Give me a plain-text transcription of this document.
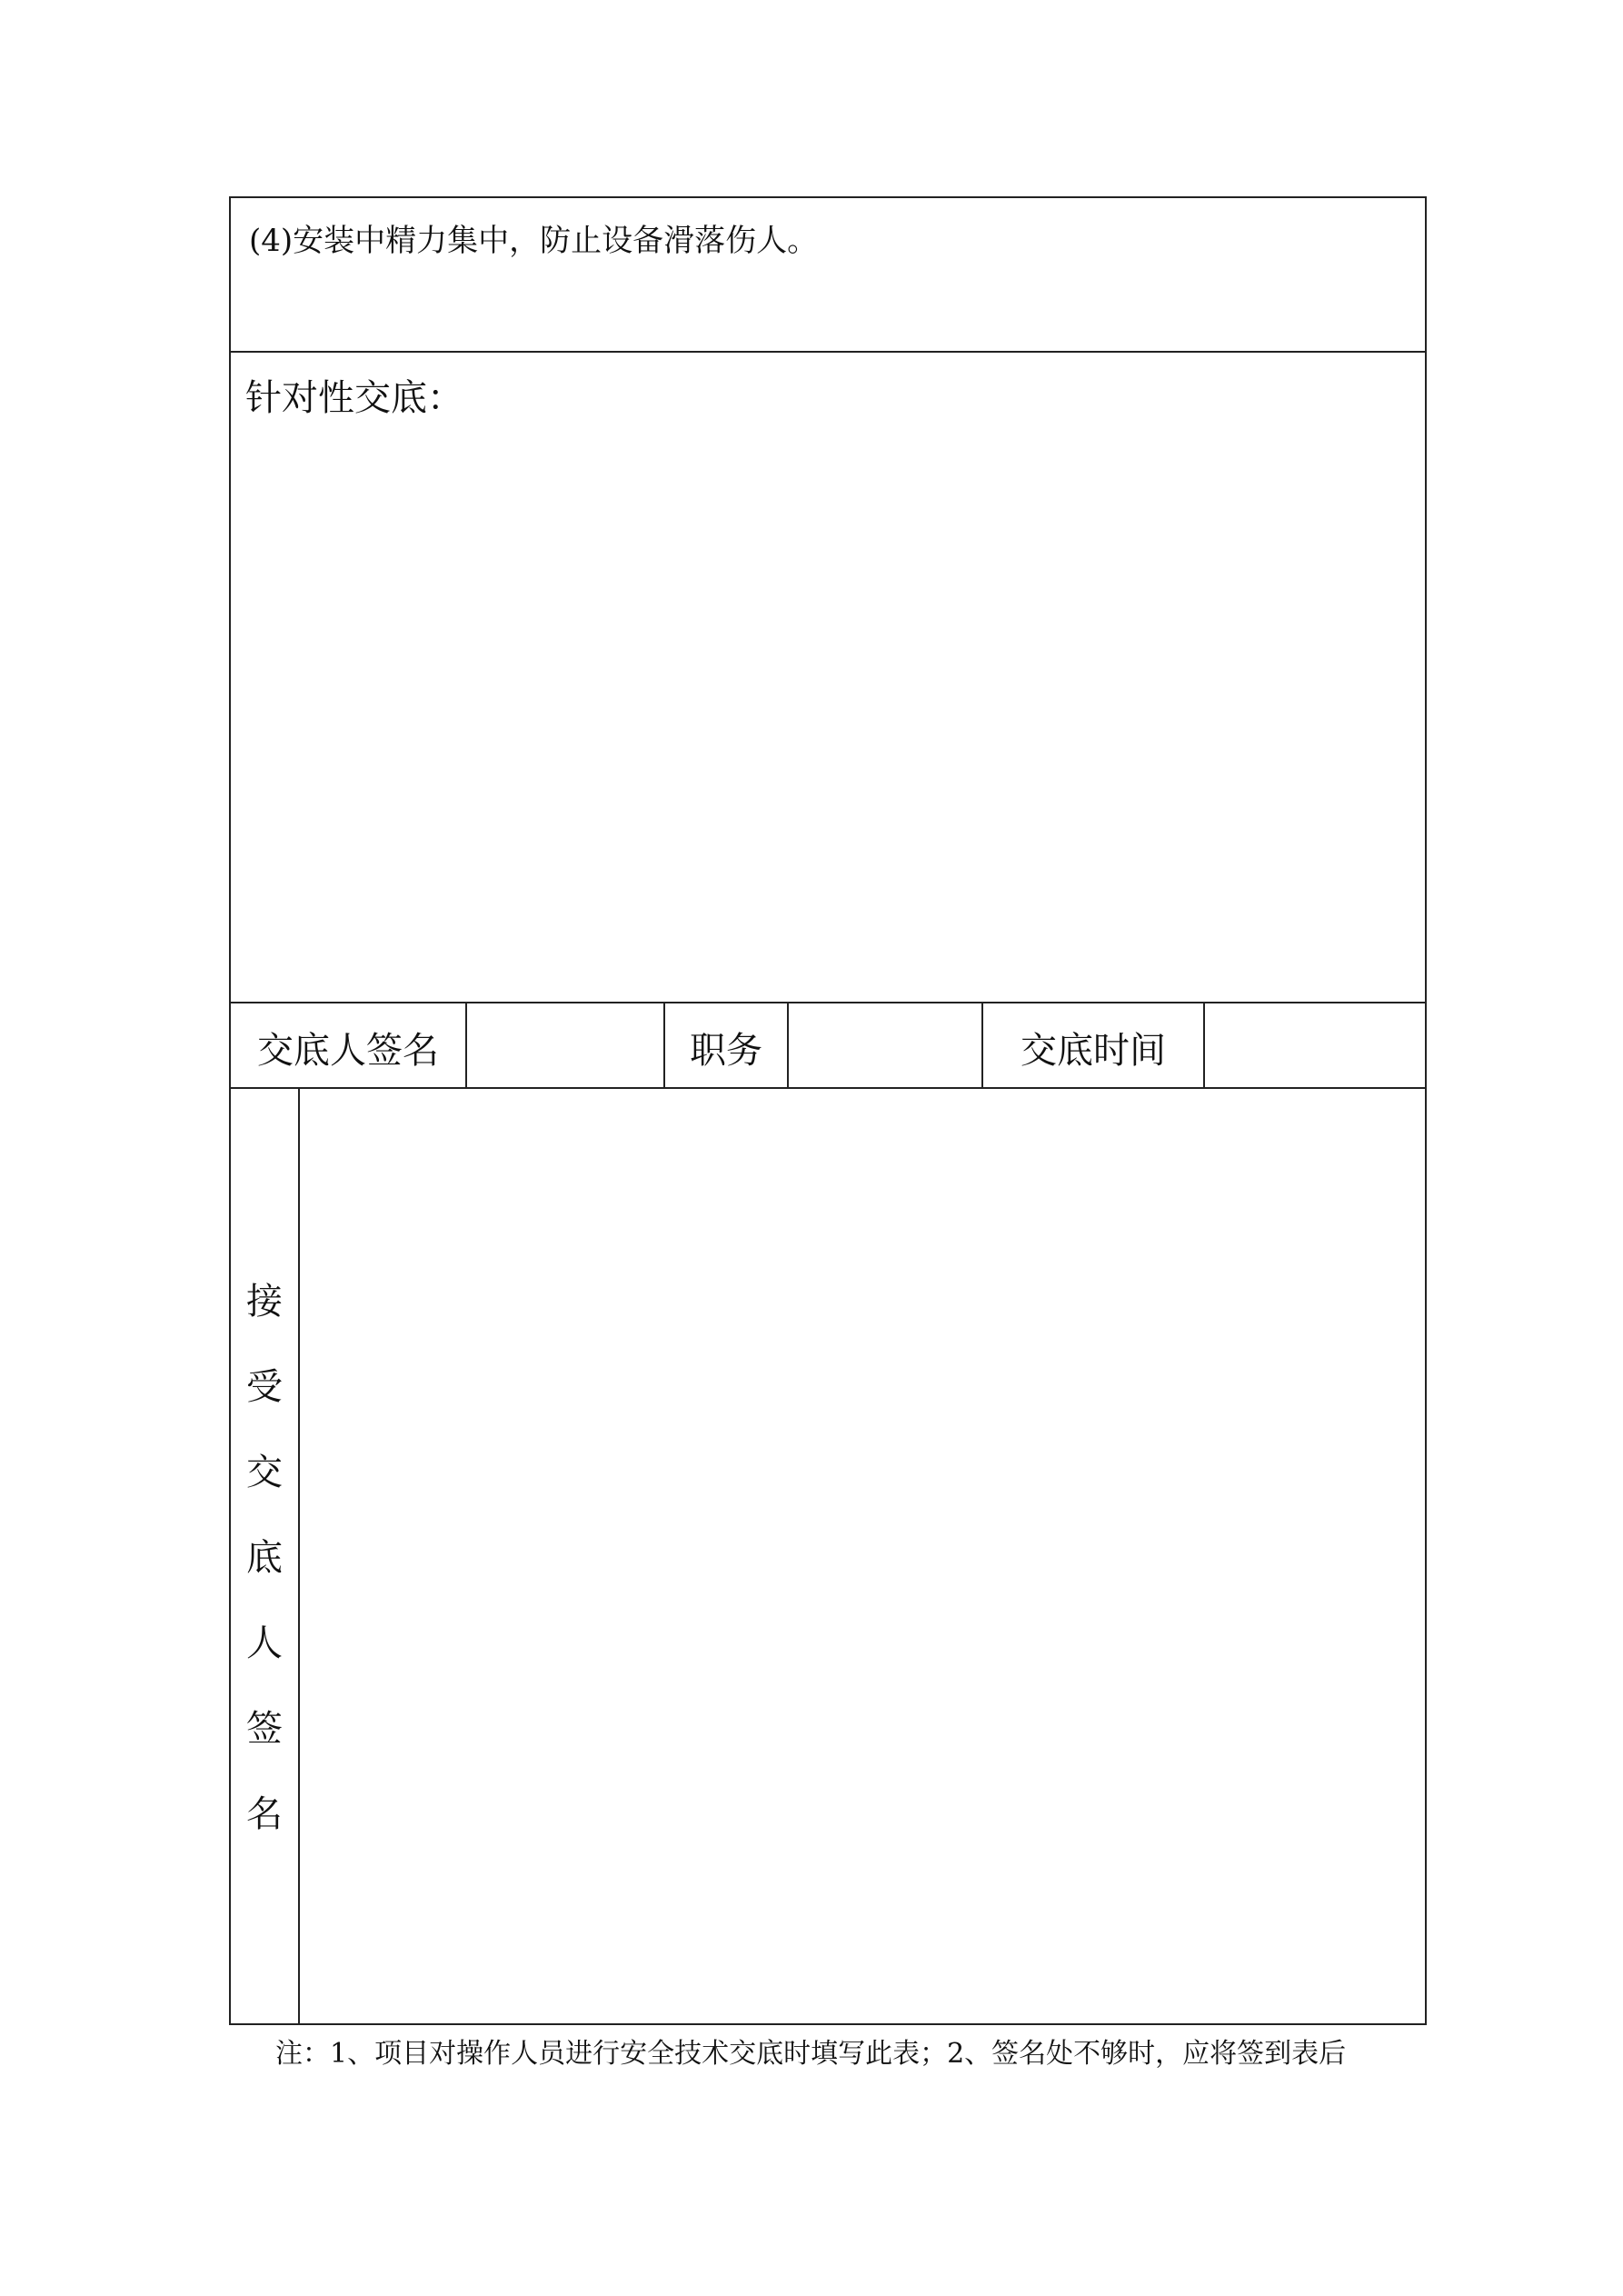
(4)安装中精力集中，防止设备滑落伤人。
针对性交底：
交底人签名	职务	交底时间
接
受
交
底
人
签
名
注：1、项目对操作人员进行安全技术交底时填写此表；2、签名处不够时，应将签到表后
